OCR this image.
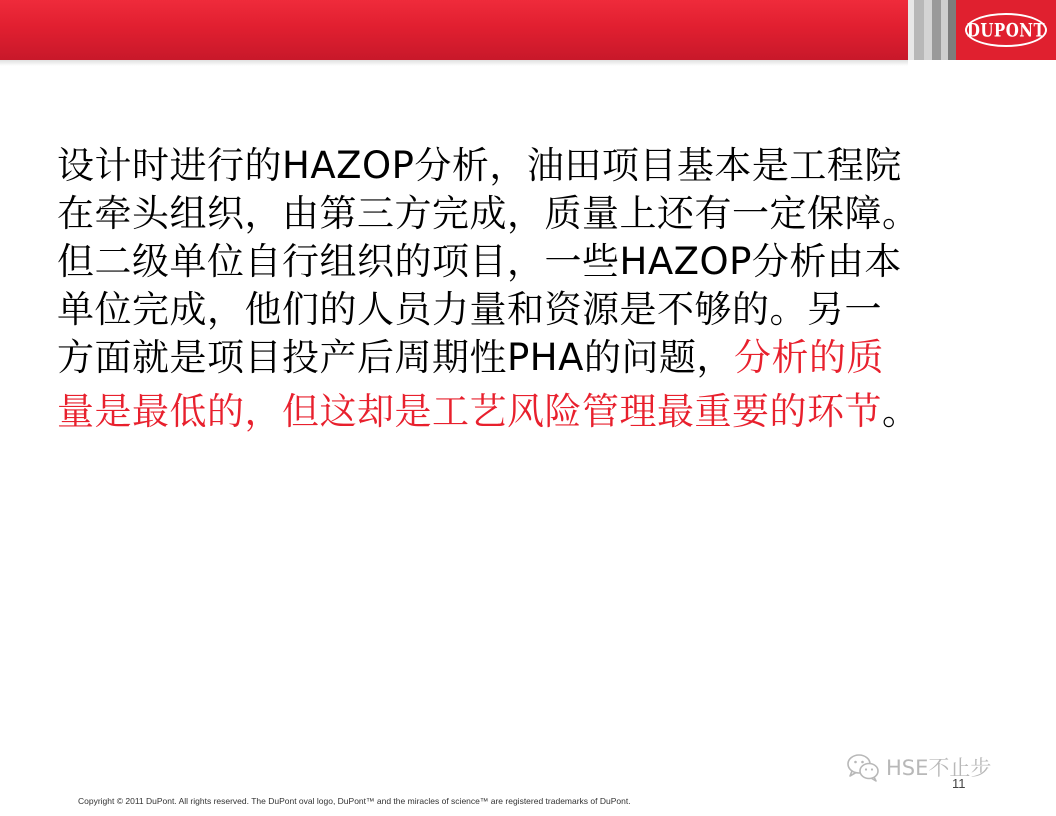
DUPONT
设计时进行的HAZOP分析，油田项目基本是工程院
在牵头组织，由第三方完成，质量上还有一定保障。
但二级单位自行组织的项目，一些HAZOP分析由本
单位完成，他们的人员力量和资源是不够的。另一
方面就是项目投产后周期性PHA的问题，分析的质
量是最低的，但这却是工艺风险管理最重要的环节。
HSE不止步
11
Copyright © 2011 DuPont. All rights reserved. The DuPont oval logo, DuPont™ and the miracles of science™ are registered trademarks of DuPont.
